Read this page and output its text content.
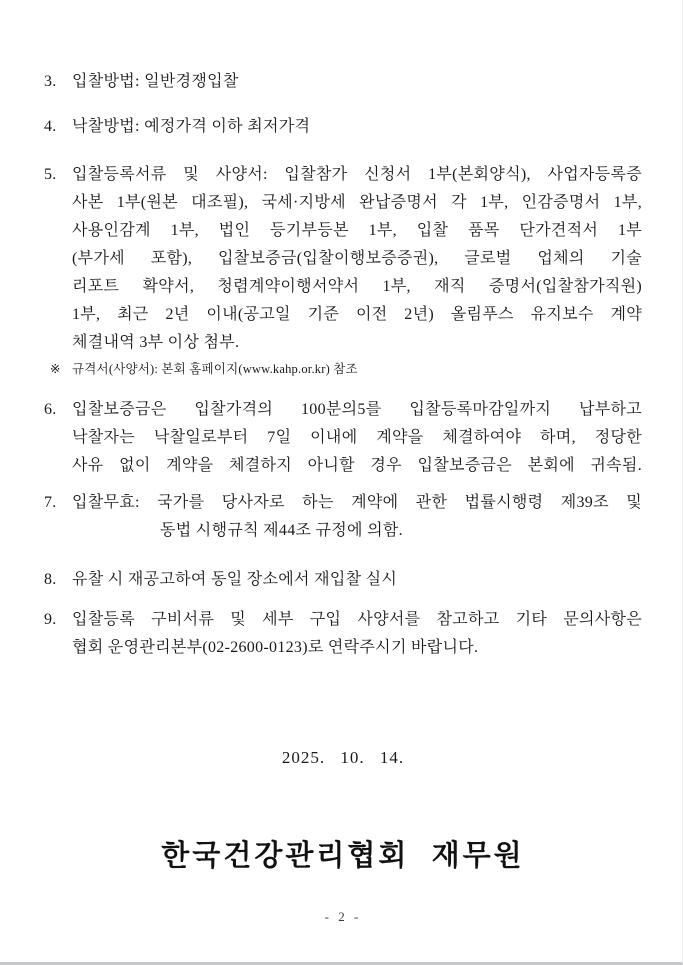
3. 입찰방법: 일반경쟁입찰
4. 낙찰방법: 예정가격 이하 최저가격
5. 입찰등록서류 및 사양서: 입찰참가 신청서 1부(본회양식), 사업자등록증
사본 1부(원본 대조필), 국세·지방세 완납증명서 각 1부, 인감증명서 1부,
사용인감계 1부, 법인 등기부등본 1부, 입찰 품목 단가견적서 1부
(부가세 포함), 입찰보증금(입찰이행보증증권), 글로벌 업체의 기술
리포트 확약서, 청렴계약이행서약서 1부, 재직 증명서(입찰참가직원)
1부, 최근 2년 이내(공고일 기준 이전 2년) 올림푸스 유지보수 계약
체결내역 3부 이상 첨부.
※ 규격서(사양서): 본회 홈페이지(www.kahp.or.kr) 참조
6. 입찰보증금은 입찰가격의 100분의5를 입찰등록마감일까지 납부하고
낙찰자는 낙찰일로부터 7일 이내에 계약을 체결하여야 하며, 정당한
사유 없이 계약을 체결하지 아니할 경우 입찰보증금은 본회에 귀속됨.
7. 입찰무효: 국가를 당사자로 하는 계약에 관한 법률시행령 제39조 및
동법 시행규칙 제44조 규정에 의함.
8. 유찰 시 재공고하여 동일 장소에서 재입찰 실시
9. 입찰등록 구비서류 및 세부 구입 사양서를 참고하고 기타 문의사항은
협회 운영관리본부(02-2600-0123)로 연락주시기 바랍니다.
2025. 10. 14.
한국건강관리협회 재무원
- 2 -
